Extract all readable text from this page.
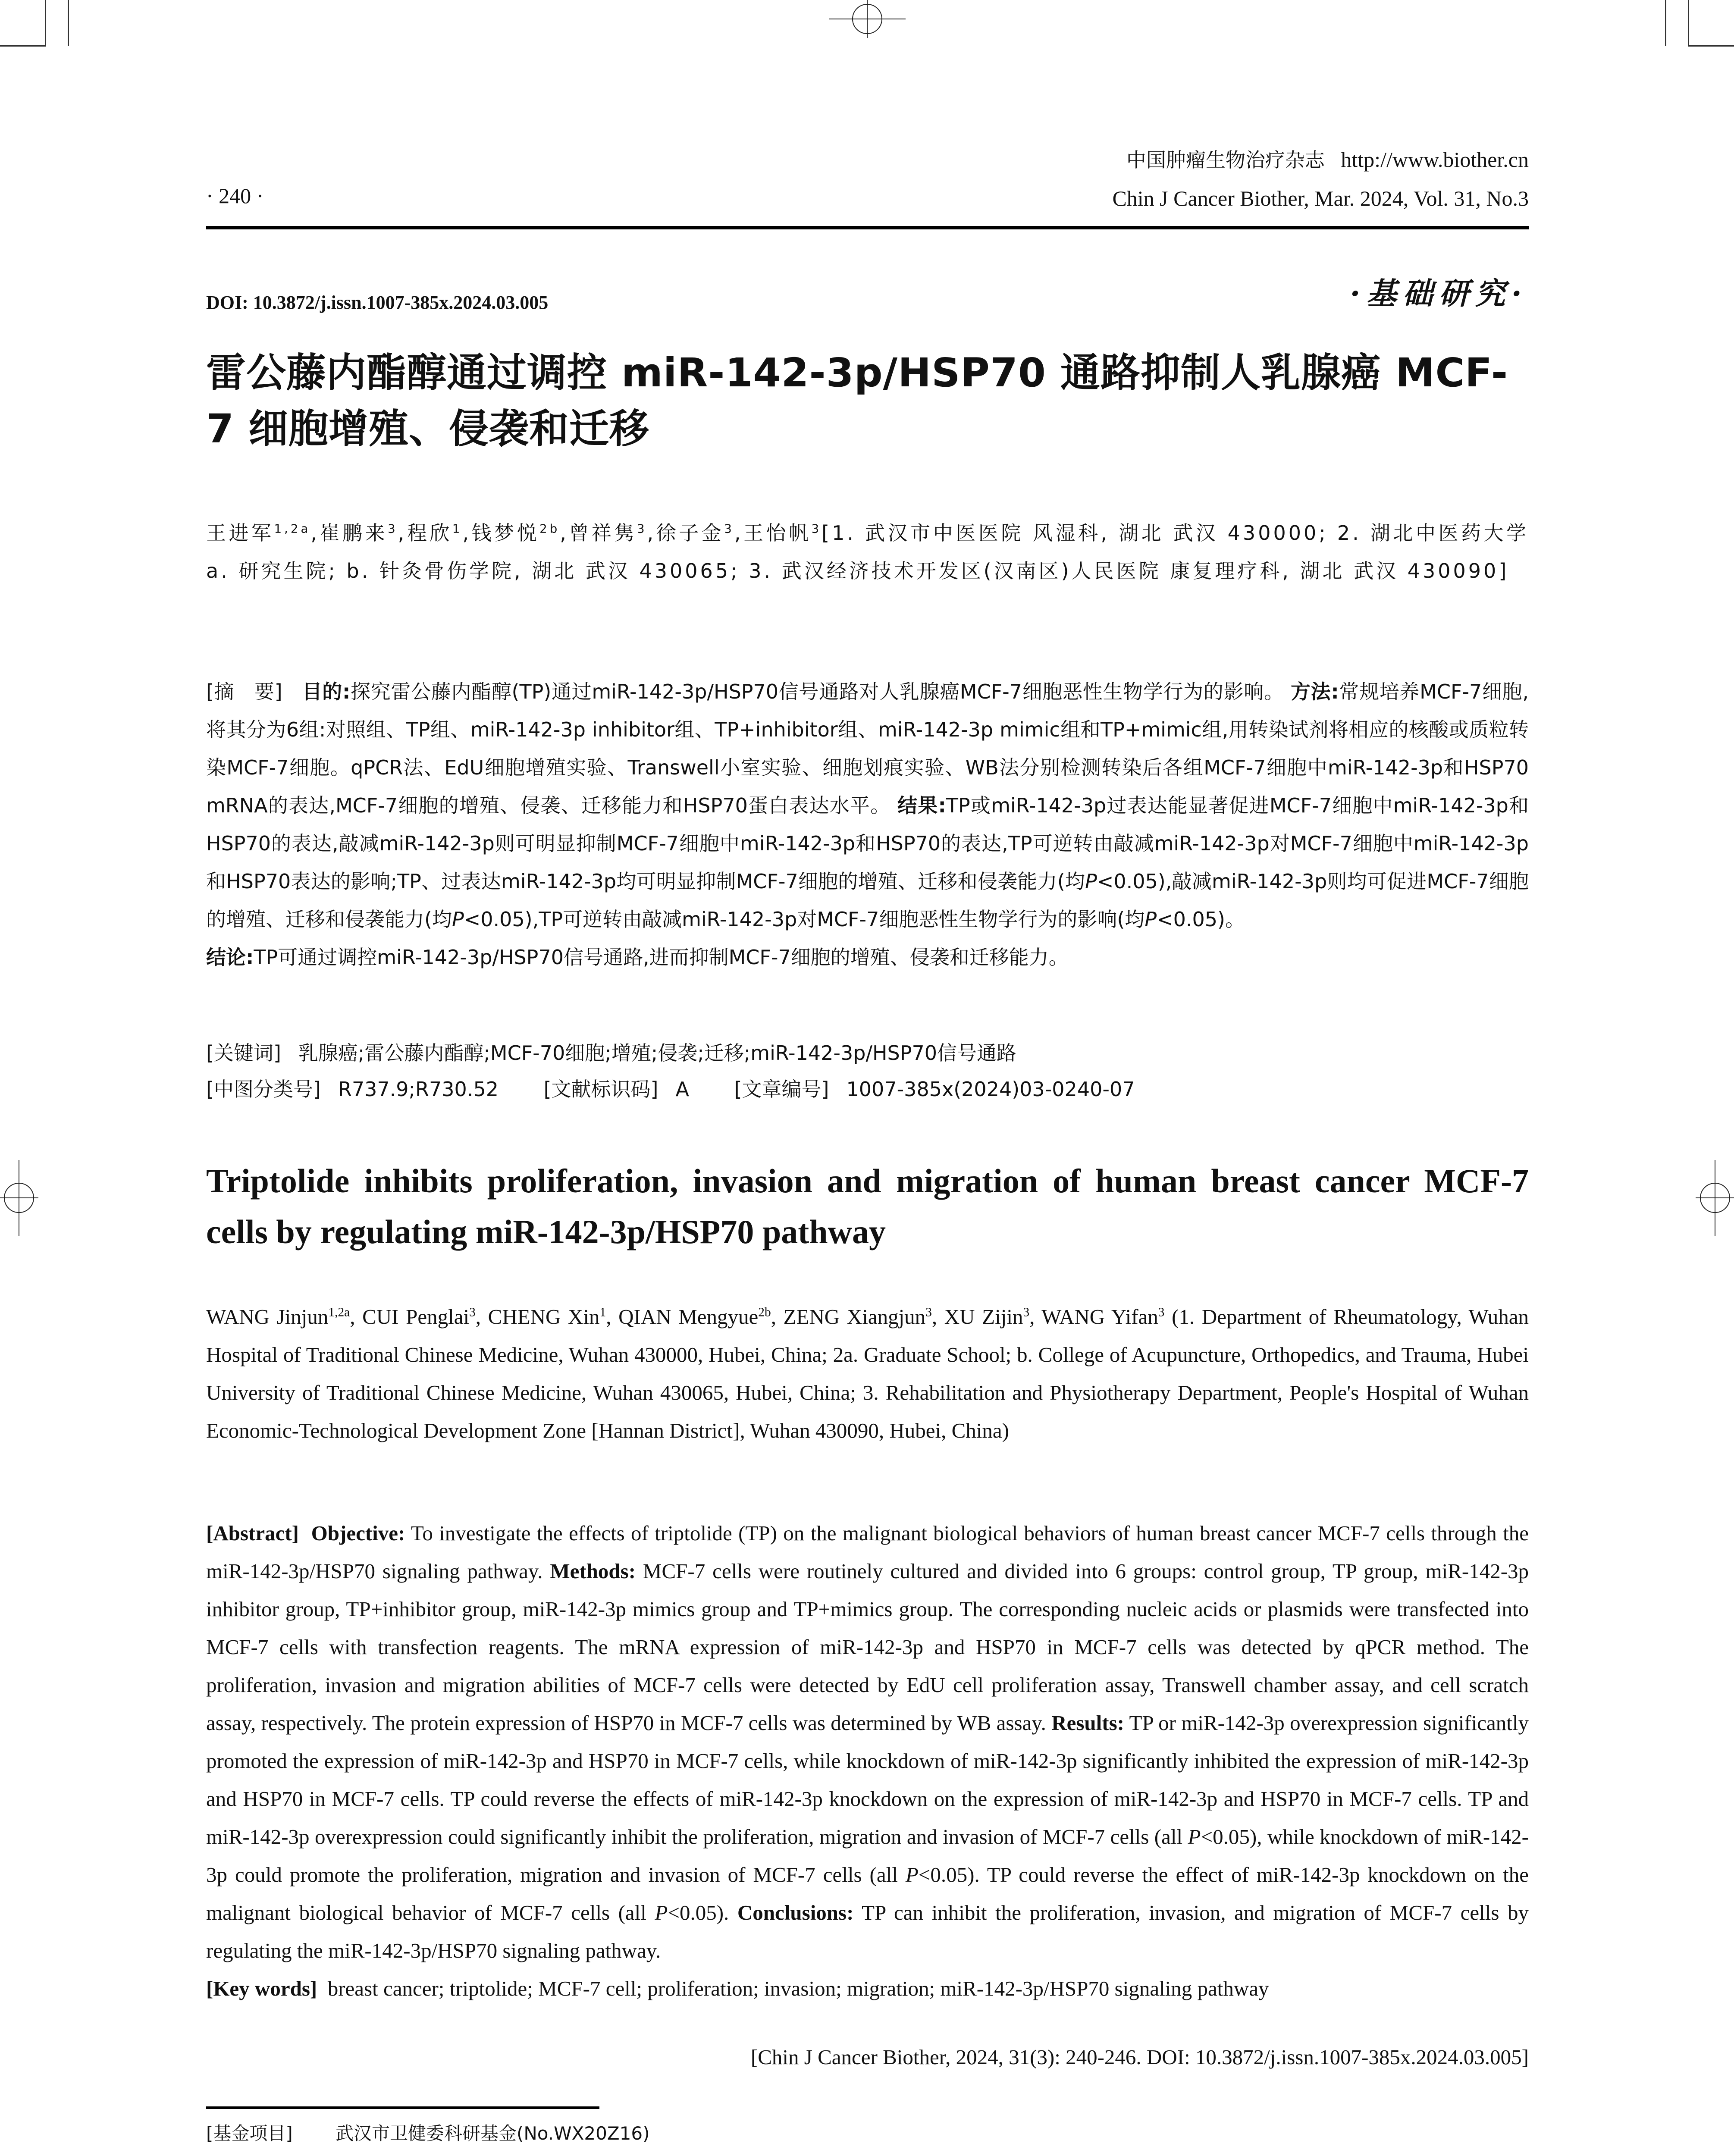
中国肿瘤生物治疗杂志 http://www.biother.cn
Chin J Cancer Biother, Mar. 2024, Vol. 31, No.3
· 240 ·
DOI: 10.3872/j.issn.1007-385x.2024.03.005	·基础研究·
雷公藤内酯醇通过调控 miR-142-3p/HSP70 通路抑制人乳腺癌 MCF-7 细胞增殖、侵袭和迁移
王进军$^{1,2a}$,崔鹏来$^3$,程欣$^1$,钱梦悦$^{2b}$,曾祥隽$^3$,徐子金$^3$,王怡帆$^3$[1. 武汉市中医医院 风湿科, 湖北 武汉 430000; 2. 湖北中医药大学 a. 研究生院; b. 针灸骨伤学院, 湖北 武汉 430065; 3. 武汉经济技术开发区(汉南区)人民医院 康复理疗科, 湖北 武汉 430090]
[摘　要] 目的:探究雷公藤内酯醇(TP)通过miR-142-3p/HSP70信号通路对人乳腺癌MCF-7细胞恶性生物学行为的影响。 方法:常规培养MCF-7细胞,将其分为6组:对照组、TP组、miR-142-3p inhibitor组、TP+inhibitor组、miR-142-3p mimic组和TP+mimic组,用转染试剂将相应的核酸或质粒转染MCF-7细胞。qPCR法、EdU细胞增殖实验、Transwell小室实验、细胞划痕实验、WB法分别检测转染后各组MCF-7细胞中miR-142-3p和HSP70 mRNA的表达,MCF-7细胞的增殖、侵袭、迁移能力和HSP70蛋白表达水平。 结果:TP或miR-142-3p过表达能显著促进MCF-7细胞中miR-142-3p和HSP70的表达,敲减miR-142-3p则可明显抑制MCF-7细胞中miR-142-3p和HSP70的表达,TP可逆转由敲减miR-142-3p对MCF-7细胞中miR-142-3p和HSP70表达的影响;TP、过表达miR-142-3p均可明显抑制MCF-7细胞的增殖、迁移和侵袭能力(均P<0.05),敲减miR-142-3p则均可促进MCF-7细胞的增殖、迁移和侵袭能力(均P<0.05),TP可逆转由敲减miR-142-3p对MCF-7细胞恶性生物学行为的影响(均P<0.05)。
结论:TP可通过调控miR-142-3p/HSP70信号通路,进而抑制MCF-7细胞的增殖、侵袭和迁移能力。
[关键词] 乳腺癌;雷公藤内酯醇;MCF-70细胞;增殖;侵袭;迁移;miR-142-3p/HSP70信号通路
[中图分类号] R737.9;R730.52 [文献标识码] A [文章编号] 1007-385x(2024)03-0240-07
Triptolide inhibits proliferation, invasion and migration of human breast cancer MCF-7 cells by regulating miR-142-3p/HSP70 pathway
WANG Jinjun$^{1,2a}$, CUI Penglai$^3$, CHENG Xin$^1$, QIAN Mengyue$^{2b}$, ZENG Xiangjun$^3$, XU Zijin$^3$, WANG Yifan$^3$ (1. Department of Rheumatology, Wuhan Hospital of Traditional Chinese Medicine, Wuhan 430000, Hubei, China; 2a. Graduate School; b. College of Acupuncture, Orthopedics, and Trauma, Hubei University of Traditional Chinese Medicine, Wuhan 430065, Hubei, China; 3. Rehabilitation and Physiotherapy Department, People's Hospital of Wuhan Economic-Technological Development Zone [Hannan District], Wuhan 430090, Hubei, China)
[Abstract] Objective: To investigate the effects of triptolide (TP) on the malignant biological behaviors of human breast cancer MCF-7 cells through the miR-142-3p/HSP70 signaling pathway. Methods: MCF-7 cells were routinely cultured and divided into 6 groups: control group, TP group, miR-142-3p inhibitor group, TP+inhibitor group, miR-142-3p mimics group and TP+mimics group. The corresponding nucleic acids or plasmids were transfected into MCF-7 cells with transfection reagents. The mRNA expression of miR-142-3p and HSP70 in MCF-7 cells was detected by qPCR method. The proliferation, invasion and migration abilities of MCF-7 cells were detected by EdU cell proliferation assay, Transwell chamber assay, and cell scratch assay, respectively. The protein expression of HSP70 in MCF-7 cells was determined by WB assay. Results: TP or miR-142-3p overexpression significantly promoted the expression of miR-142-3p and HSP70 in MCF-7 cells, while knockdown of miR-142-3p significantly inhibited the expression of miR-142-3p and HSP70 in MCF-7 cells. TP could reverse the effects of miR-142-3p knockdown on the expression of miR-142-3p and HSP70 in MCF-7 cells. TP and miR-142-3p overexpression could significantly inhibit the proliferation, migration and invasion of MCF-7 cells (all P<0.05), while knockdown of miR-142-3p could promote the proliferation, migration and invasion of MCF-7 cells (all P<0.05). TP could reverse the effect of miR-142-3p knockdown on the malignant biological behavior of MCF-7 cells (all P<0.05). Conclusions: TP can inhibit the proliferation, invasion, and migration of MCF-7 cells by regulating the miR-142-3p/HSP70 signaling pathway.
[Key words] breast cancer; triptolide; MCF-7 cell; proliferation; invasion; migration; miR-142-3p/HSP70 signaling pathway
[Chin J Cancer Biother, 2024, 31(3): 240-246. DOI: 10.3872/j.issn.1007-385x.2024.03.005]
[基金项目] 武汉市卫健委科研基金(No.WX20Z16)
